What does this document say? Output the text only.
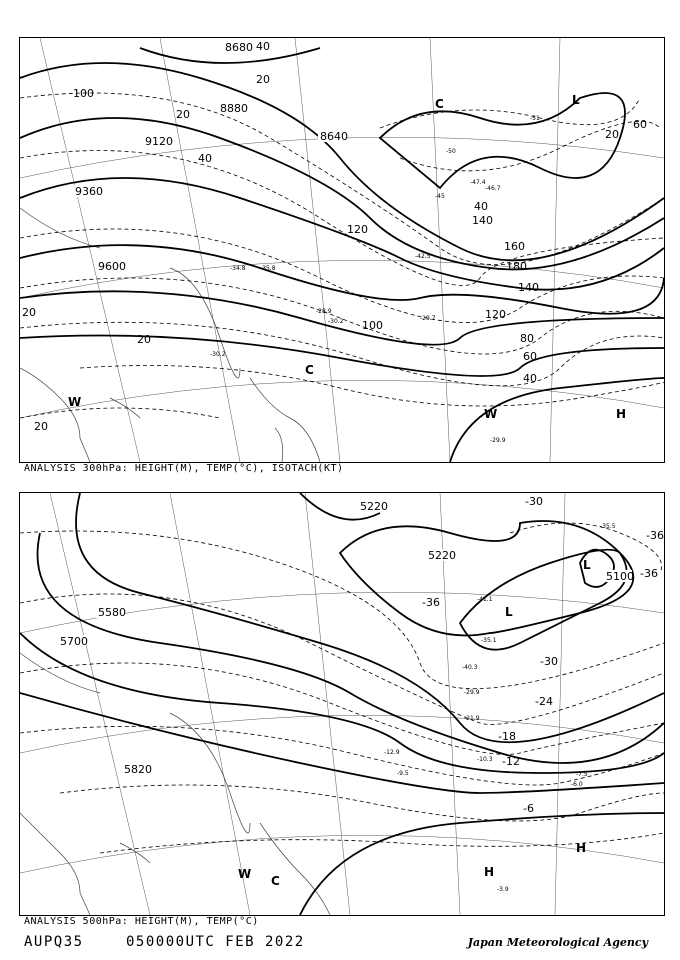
8680
8880
8640
9120
9360
9600
40
20
100
20
40
40
120
140
180
160
140
100
120
80
60
40
20
20
20
60
20
-51
-50
-47.4
-46.7
-45
-42.5
-34.8 -35.8
-29.7
-29.9
-30.2
-30.2
-28.9
L
C
C
W
W	H
ANALYSIS 300hPa: HEIGHT(M), TEMP(°C), ISOTACH(KT)
5220
5220
5100
5580
5700
5820
-30
-36
-36
-36
-30
-24
-18
-12
-6
-41.1
-40.3
-35.1
-35.5
-9.5
-3.9
-6.0
-7.5
-29.9
-21.9
-12.9
-10.3
L
L
H
H
W C
ANALYSIS 500hPa: HEIGHT(M), TEMP(°C)
AUPQ35	050000UTC FEB 2022	Japan Meteorological Agency
